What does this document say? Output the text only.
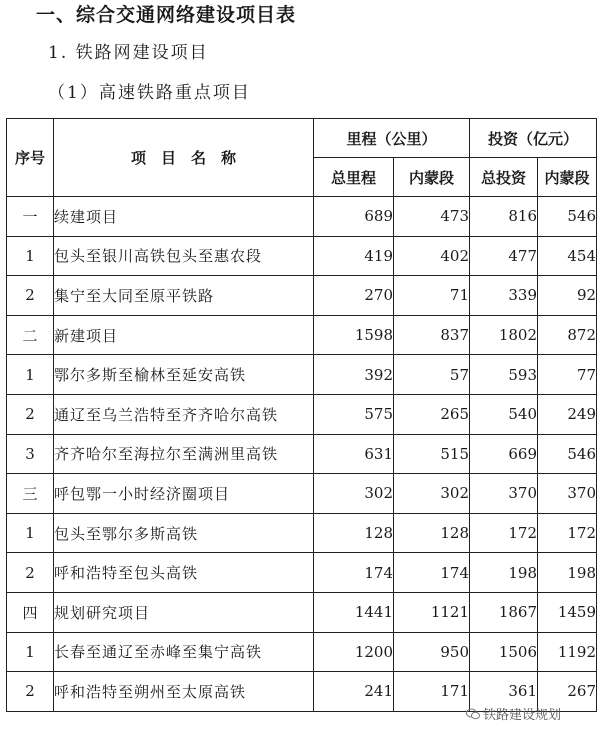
一、综合交通网络建设项目表
1. 铁路网建设项目
（1）高速铁路重点项目
序号	项　目　名　称	里程（公里）		投资（亿元）	
		总里程	内蒙段	总投资	内蒙段
一	续建项目	689	473	816	546
1	包头至银川高铁包头至惠农段	419	402	477	454
2	集宁至大同至原平铁路	270	71	339	92
二	新建项目	1598	837	1802	872
1	鄂尔多斯至榆林至延安高铁	392	57	593	77
2	通辽至乌兰浩特至齐齐哈尔高铁	575	265	540	249
3	齐齐哈尔至海拉尔至满洲里高铁	631	515	669	546
三	呼包鄂一小时经济圈项目	302	302	370	370
1	包头至鄂尔多斯高铁	128	128	172	172
2	呼和浩特至包头高铁	174	174	198	198
四	规划研究项目	1441	1121	1867	1459
1	长春至通辽至赤峰至集宁高铁	1200	950	1506	1192
2	呼和浩特至朔州至太原高铁	241	171	361	267
铁路建设规划
